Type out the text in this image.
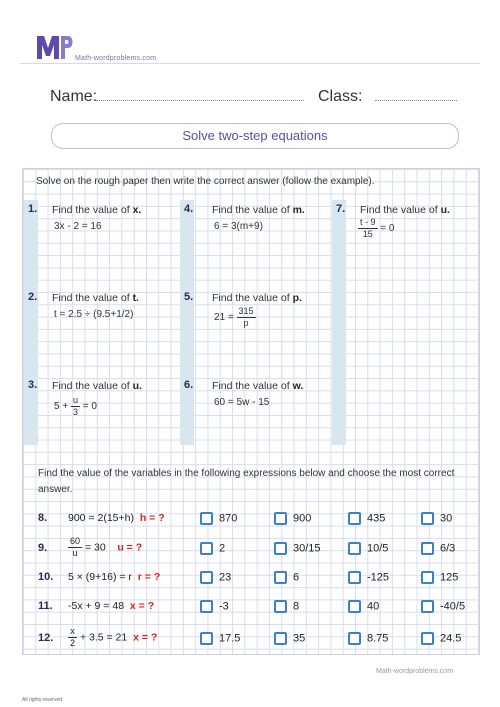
Math-wordproblems.com
Name:	Class:
Solve two-step equations
Solve on the rough paper then write the correct answer (follow the example).
1. Find the value of x.
3x - 2 = 16
2. Find the value of t.
t = 2.5 ÷ (9.5+1/2)
3. Find the value of u.
$5 + \frac{u}{3} = 0$
4. Find the value of m.
6 = 3(m+9)
5. Find the value of p.
$21 = \frac{315}{p}$
6. Find the value of w.
60 = 5w - 15
7. Find the value of u.
$\frac{t - 9}{15} = 0$
Find the value of the variables in the following expressions below and choose the most correct answer.
8. 900 = 2(15+h) h = ?	870	900	435	30
9. $\frac{60}{u} = 30$ u = ?	2	30/15	10/5	6/3
10. 5 × (9+16) = r r = ?	23	6	-125	125
11. -5x + 9 = 48 x = ?	-3	8	40	-40/5
12. $\frac{x}{2} + 3.5 = 21$ x = ?	17.5	35	8.75	24.5
Math-wordproblems.com
All rights reserved
